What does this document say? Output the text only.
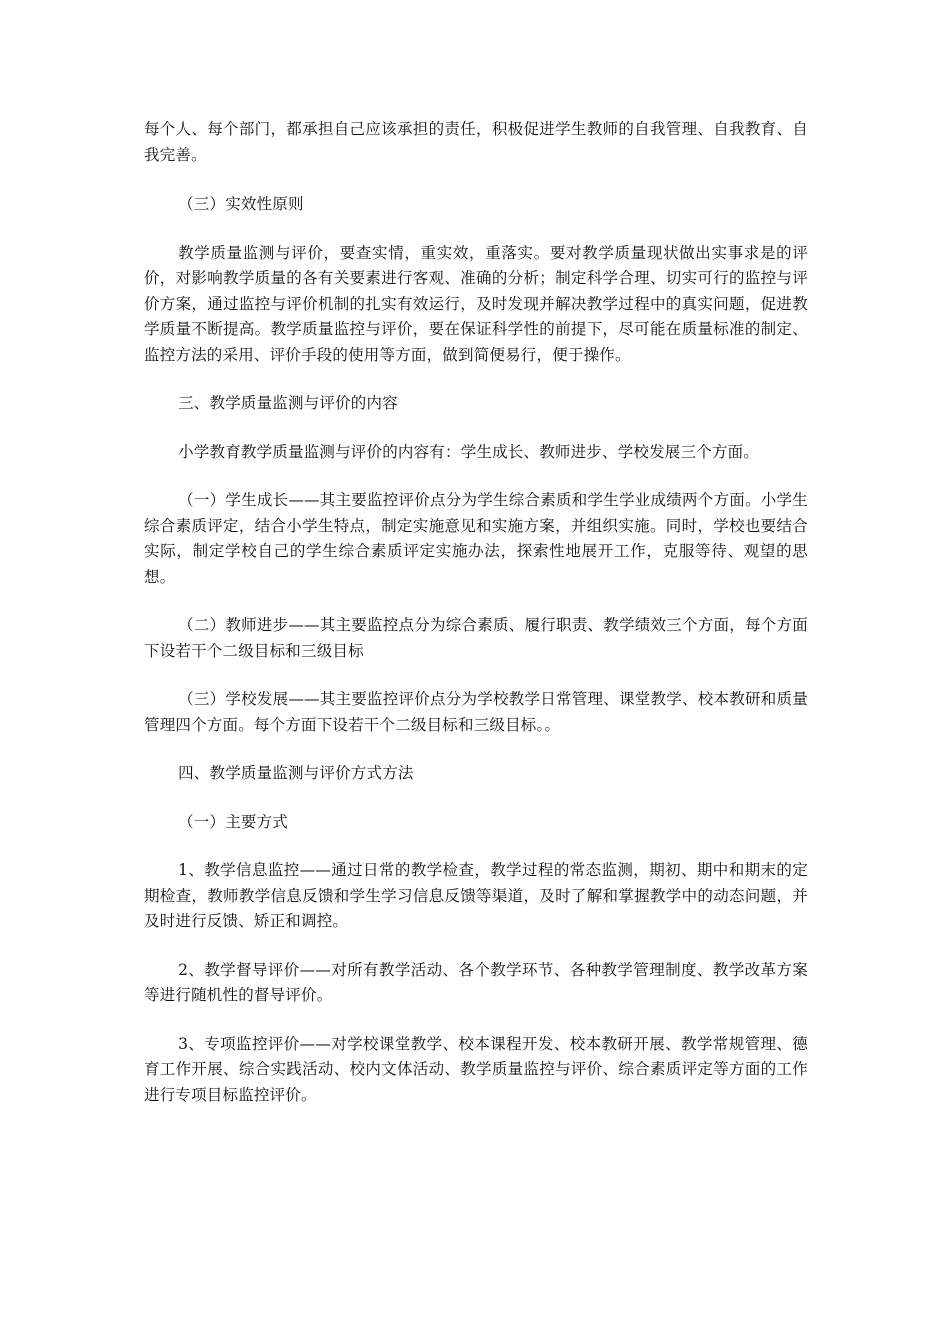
每个人、每个部门，都承担自己应该承担的责任，积极促进学生教师的自我管理、自我教育、自我完善。

（三）实效性原则

教学质量监测与评价，要查实情，重实效，重落实。要对教学质量现状做出实事求是的评价，对影响教学质量的各有关要素进行客观、准确的分析；制定科学合理、切实可行的监控与评价方案，通过监控与评价机制的扎实有效运行，及时发现并解决教学过程中的真实问题，促进教学质量不断提高。教学质量监控与评价，要在保证科学性的前提下，尽可能在质量标准的制定、监控方法的采用、评价手段的使用等方面，做到简便易行，便于操作。

三、教学质量监测与评价的内容

小学教育教学质量监测与评价的内容有：学生成长、教师进步、学校发展三个方面。

（一）学生成长——其主要监控评价点分为学生综合素质和学生学业成绩两个方面。小学生综合素质评定，结合小学生特点，制定实施意见和实施方案，并组织实施。同时，学校也要结合实际，制定学校自己的学生综合素质评定实施办法，探索性地展开工作，克服等待、观望的思想。

（二）教师进步——其主要监控点分为综合素质、履行职责、教学绩效三个方面，每个方面下设若干个二级目标和三级目标

（三）学校发展——其主要监控评价点分为学校教学日常管理、课堂教学、校本教研和质量管理四个方面。每个方面下设若干个二级目标和三级目标。。

四、教学质量监测与评价方式方法

（一）主要方式

1、教学信息监控——通过日常的教学检查，教学过程的常态监测，期初、期中和期末的定期检查，教师教学信息反馈和学生学习信息反馈等渠道，及时了解和掌握教学中的动态问题，并及时进行反馈、矫正和调控。

2、教学督导评价——对所有教学活动、各个教学环节、各种教学管理制度、教学改革方案等进行随机性的督导评价。

3、专项监控评价——对学校课堂教学、校本课程开发、校本教研开展、教学常规管理、德育工作开展、综合实践活动、校内文体活动、教学质量监控与评价、综合素质评定等方面的工作进行专项目标监控评价。
